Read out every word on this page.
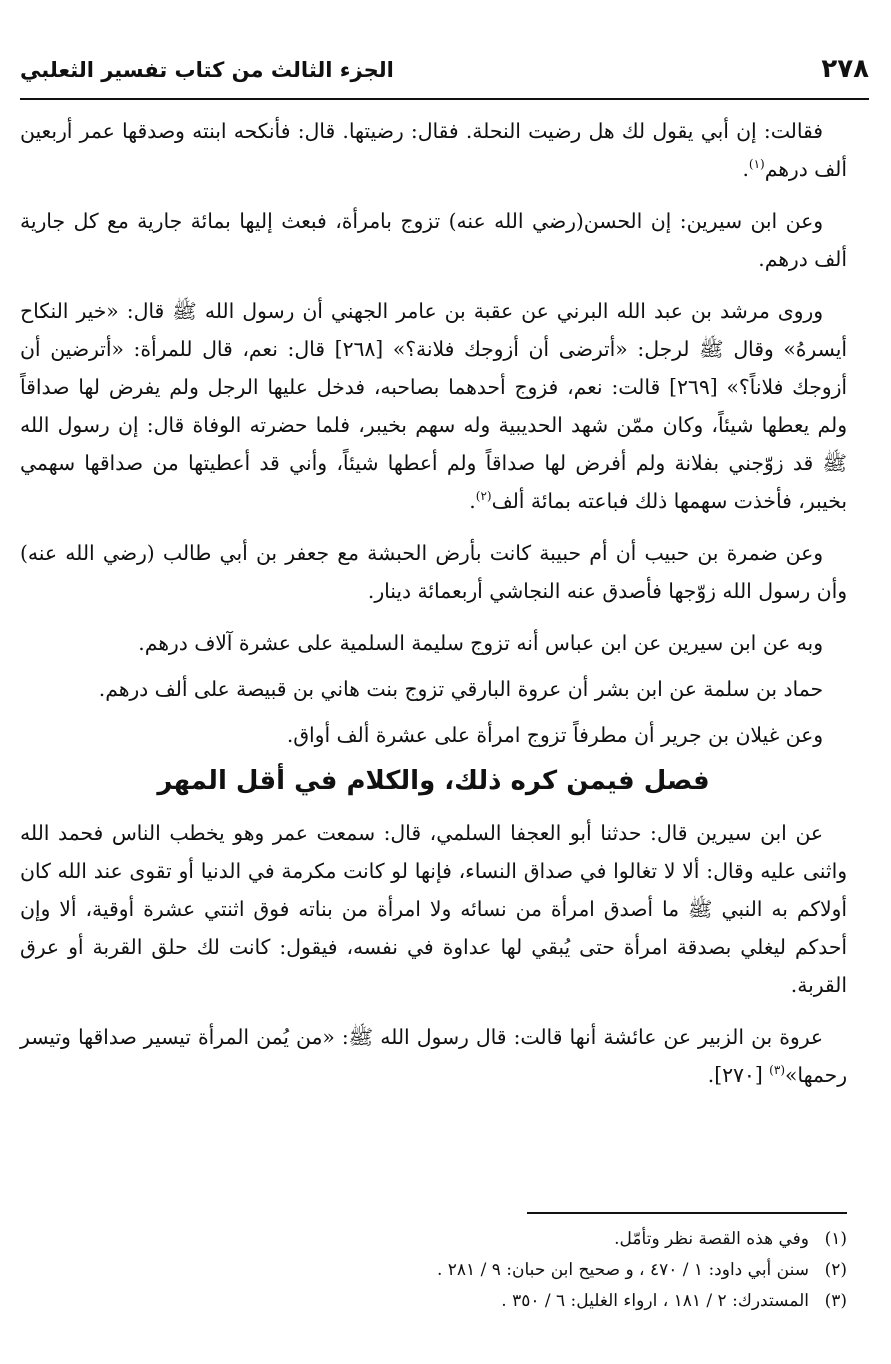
٢٧٨
الجزء الثالث من كتاب تفسير الثعلبي

فقالت: إن أبي يقول لك هل رضيت النحلة. فقال: رضيتها. قال: فأنكحه ابنته وصدقها عمر أربعين ألف درهم$^{(١)}$.

وعن ابن سيرين: إن الحسن(رضي الله عنه) تزوج بامرأة، فبعث إليها بمائة جارية مع كل جارية ألف درهم.

وروى مرشد بن عبد الله البرني عن عقبة بن عامر الجهني أن رسول الله ﷺ قال: «خير النكاح أيسرهُ» وقال ﷺ لرجل: «أترضى أن أزوجك فلانة؟» [٢٦٨] قال: نعم، قال للمرأة: «أترضين أن أزوجك فلاناً؟» [٢٦٩] قالت: نعم، فزوج أحدهما بصاحبه، فدخل عليها الرجل ولم يفرض لها صداقاً ولم يعطها شيئاً، وكان ممّن شهد الحديبية وله سهم بخيبر، فلما حضرته الوفاة قال: إن رسول الله ﷺ قد زوّجني بفلانة ولم أفرض لها صداقاً ولم أعطها شيئاً، وأني قد أعطيتها من صداقها سهمي بخيبر، فأخذت سهمها ذلك فباعته بمائة ألف$^{(٢)}$.

وعن ضمرة بن حبيب أن أم حبيبة كانت بأرض الحبشة مع جعفر بن أبي طالب (رضي الله عنه) وأن رسول الله زوّجها فأصدق عنه النجاشي أربعمائة دينار.

وبه عن ابن سيرين عن ابن عباس أنه تزوج سليمة السلمية على عشرة آلاف درهم.

حماد بن سلمة عن ابن بشر أن عروة البارقي تزوج بنت هاني بن قبيصة على ألف درهم.

وعن غيلان بن جرير أن مطرفاً تزوج امرأة على عشرة ألف أواق.

فصل فيمن كره ذلك، والكلام في أقل المهر

عن ابن سيرين قال: حدثنا أبو العجفا السلمي، قال: سمعت عمر وهو يخطب الناس فحمد الله واثنى عليه وقال: ألا لا تغالوا في صداق النساء، فإنها لو كانت مكرمة في الدنيا أو تقوى عند الله كان أولاكم به النبي ﷺ ما أصدق امرأة من نسائه ولا امرأة من بناته فوق اثنتي عشرة أوقية، ألا وإن أحدكم ليغلي بصدقة امرأة حتى يُبقي لها عداوة في نفسه، فيقول: كانت لك حلق القربة أو عرق القربة.

عروة بن الزبير عن عائشة أنها قالت: قال رسول الله ﷺ: «من يُمن المرأة تيسير صداقها وتيسر رحمها»$^{(٣)}$ [٢٧٠].

(١)وفي هذه القصة نظر وتأمّل.
(٢)سنن أبي داود: ١ / ٤٧٠ ، و صحيح ابن حبان: ٩ / ٢٨١ .
(٣)المستدرك: ٢ / ١٨١ ، ارواء الغليل: ٦ / ٣٥٠ .
